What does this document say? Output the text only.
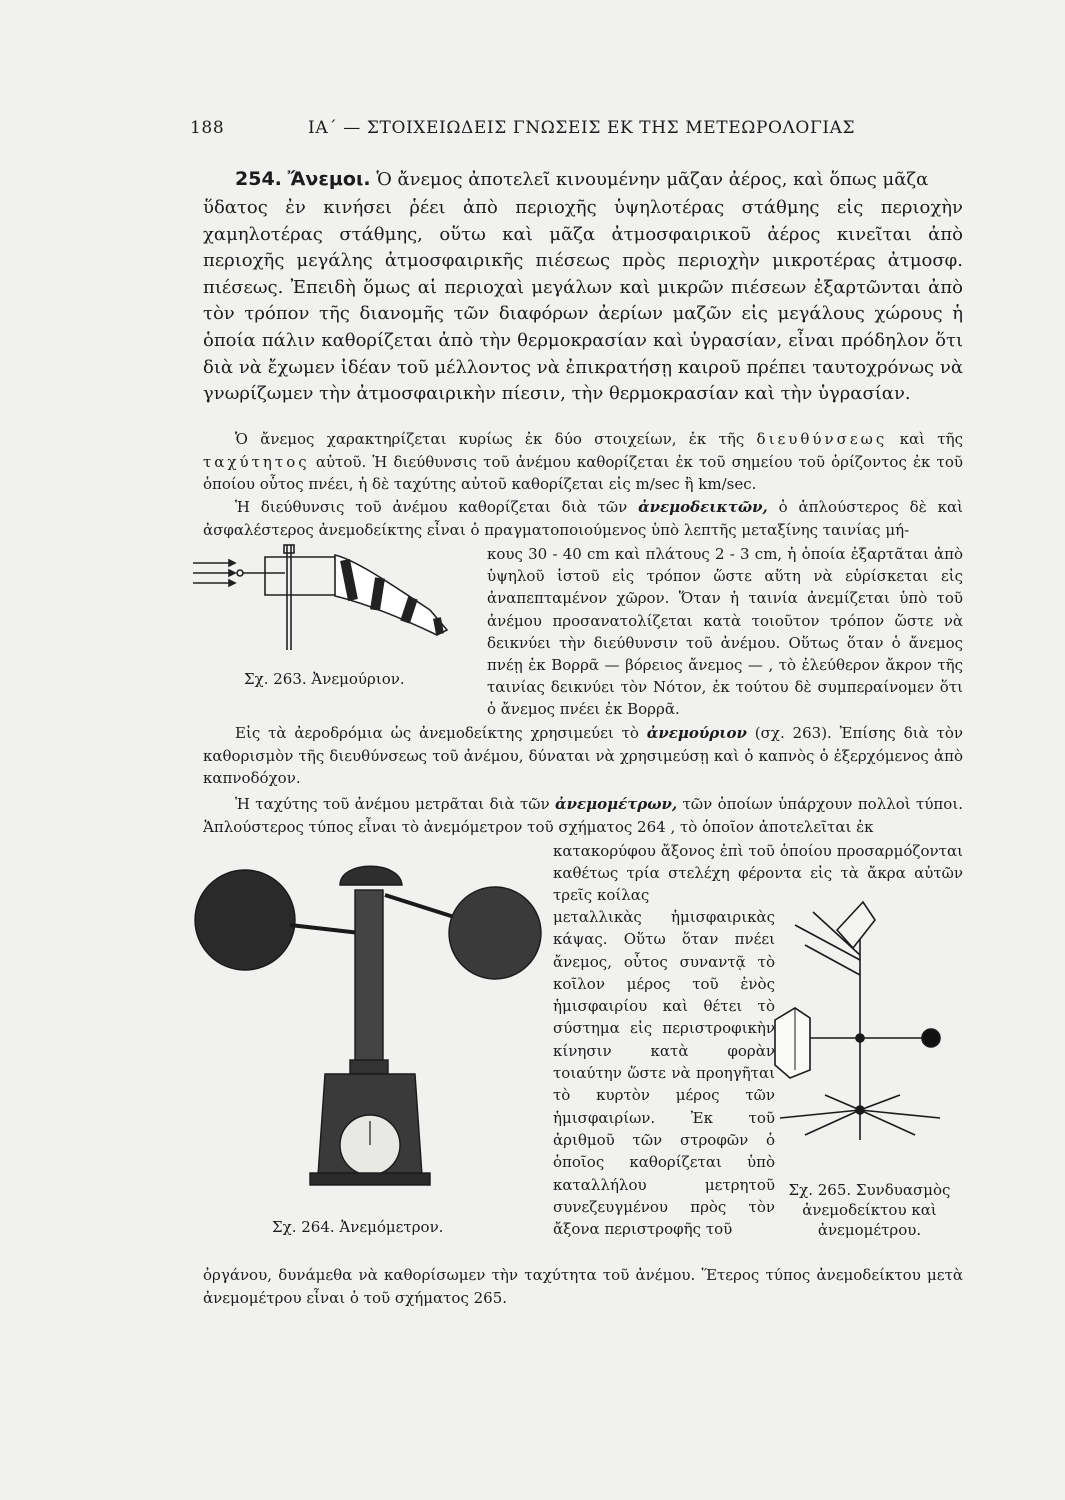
188	ΙΑ΄ — ΣΤΟΙΧΕΙΩΔΕΙΣ ΓΝΩΣΕΙΣ ΕΚ ΤΗΣ ΜΕΤΕΩΡΟΛΟΓΙΑΣ
254. Ἄνεμοι. Ὁ ἄνεμος ἀποτελεῖ κινουμένην μᾶζαν ἀέρος, καὶ ὅπως μᾶζα
ὕδατος ἐν κινήσει ῥέει ἀπὸ περιοχῆς ὑψηλοτέρας στάθμης εἰς περιοχὴν χαμηλοτέρας στάθμης, οὕτω καὶ μᾶζα ἀτμοσφαιρικοῦ ἀέρος κινεῖται ἀπὸ περιοχῆς μεγάλης ἀτμοσφαιρικῆς πιέσεως πρὸς περιοχὴν μικροτέρας ἀτμοσφ. πιέσεως. Ἐπειδὴ ὅμως αἱ περιοχαὶ μεγάλων καὶ μικρῶν πιέσεων ἐξαρτῶνται ἀπὸ τὸν τρόπον τῆς διανομῆς τῶν διαφόρων ἀερίων μαζῶν εἰς μεγάλους χώρους ἡ ὁποία πάλιν καθορίζεται ἀπὸ τὴν θερμοκρασίαν καὶ ὑγρασίαν, εἶναι πρόδηλον ὅτι διὰ νὰ ἔχωμεν ἰδέαν τοῦ μέλλοντος νὰ ἐπικρατήσῃ καιροῦ πρέπει ταυτοχρόνως νὰ γνωρίζωμεν τὴν ἀτμοσφαιρικὴν πίεσιν, τὴν θερμοκρασίαν καὶ τὴν ὑγρασίαν.
Ὁ ἄνεμος χαρακτηρίζεται κυρίως ἐκ δύο στοιχείων, ἐκ τῆς διευθύνσεως καὶ τῆς ταχύτητος αὐτοῦ. Ἡ διεύθυνσις τοῦ ἀνέμου καθορίζεται ἐκ τοῦ σημείου τοῦ ὁρίζοντος ἐκ τοῦ ὁποίου οὗτος πνέει, ἡ δὲ ταχύτης αὐτοῦ καθορίζεται εἰς m/sec ἢ km/sec.
Ἡ διεύθυνσις τοῦ ἀνέμου καθορίζεται διὰ τῶν ἀνεμοδεικτῶν, ὁ ἁπλούστερος δὲ καὶ ἀσφαλέστερος ἀνεμοδείκτης εἶναι ὁ πραγματοποιούμενος ὑπὸ λεπτῆς μεταξίνης ταινίας μή-
κους 30 - 40 cm καὶ πλάτους 2 - 3 cm, ἡ ὁποία ἐξαρτᾶται ἀπὸ ὑψηλοῦ ἱστοῦ εἰς τρόπον ὥστε αὕτη νὰ εὑρίσκεται εἰς ἀναπεπταμένον χῶρον. Ὅταν ἡ ταινία ἀνεμίζεται ὑπὸ τοῦ ἀνέμου προσανατολίζεται κατὰ τοιοῦτον τρόπον ὥστε νὰ δεικνύει τὴν διεύθυνσιν τοῦ ἀνέμου. Οὕτως ὅταν ὁ ἄνεμος πνέῃ ἐκ Βορρᾶ — βόρειος ἄνεμος — , τὸ ἐλεύθερον ἄκρον τῆς ταινίας δεικνύει τὸν Νότον, ἐκ τούτου δὲ συμπεραίνομεν ὅτι ὁ ἄνεμος πνέει ἐκ Βορρᾶ.
Σχ. 263. Ἀνεμούριον.
Εἰς τὰ ἀεροδρόμια ὡς ἀνεμοδείκτης χρησιμεύει τὸ ἀνεμούριον (σχ. 263). Ἐπίσης διὰ τὸν καθορισμὸν τῆς διευθύνσεως τοῦ ἀνέμου, δύναται νὰ χρησιμεύσῃ καὶ ὁ καπνὸς ὁ ἐξερχόμενος ἀπὸ καπνοδόχον.
Ἡ ταχύτης τοῦ ἀνέμου μετρᾶται διὰ τῶν ἀνεμομέτρων, τῶν ὁποίων ὑπάρχουν πολλοὶ τύποι. Ἁπλούστερος τύπος εἶναι τὸ ἀνεμόμετρον τοῦ σχήματος 264 , τὸ ὁποῖον ἀποτελεῖται ἐκ
κατακορύφου ἄξονος ἐπὶ τοῦ ὁποίου προσαρμόζονται καθέτως τρία στελέχη φέροντα εἰς τὰ ἄκρα αὐτῶν τρεῖς κοίλας
μεταλλικὰς ἡμισφαιρικὰς κάψας. Οὕτω ὅταν πνέει ἄνεμος, οὗτος συναντᾷ τὸ κοῖλον μέρος τοῦ ἑνὸς ἡμισφαιρίου καὶ θέτει τὸ σύστημα εἰς περιστροφικὴν κίνησιν κατὰ φορὰν τοιαύτην ὥστε νὰ προηγῆται τὸ κυρτὸν μέρος τῶν ἡμισφαιρίων. Ἐκ τοῦ ἀριθμοῦ τῶν στροφῶν ὁ ὁποῖος καθορίζεται ὑπὸ καταλλήλου μετρητοῦ συνεζευγμένου πρὸς τὸν ἄξονα περιστροφῆς τοῦ
ὀργάνου, δυνάμεθα νὰ καθορίσωμεν τὴν ταχύτητα τοῦ ἀνέμου. Ἕτερος τύπος ἀνεμοδείκτου μετὰ ἀνεμομέτρου εἶναι ὁ τοῦ σχήματος 265.
Σχ. 264. Ἀνεμόμετρον.
Σχ. 265. Συνδυασμὸς
ἀνεμοδείκτου καὶ ἀνεμομέτρου.
